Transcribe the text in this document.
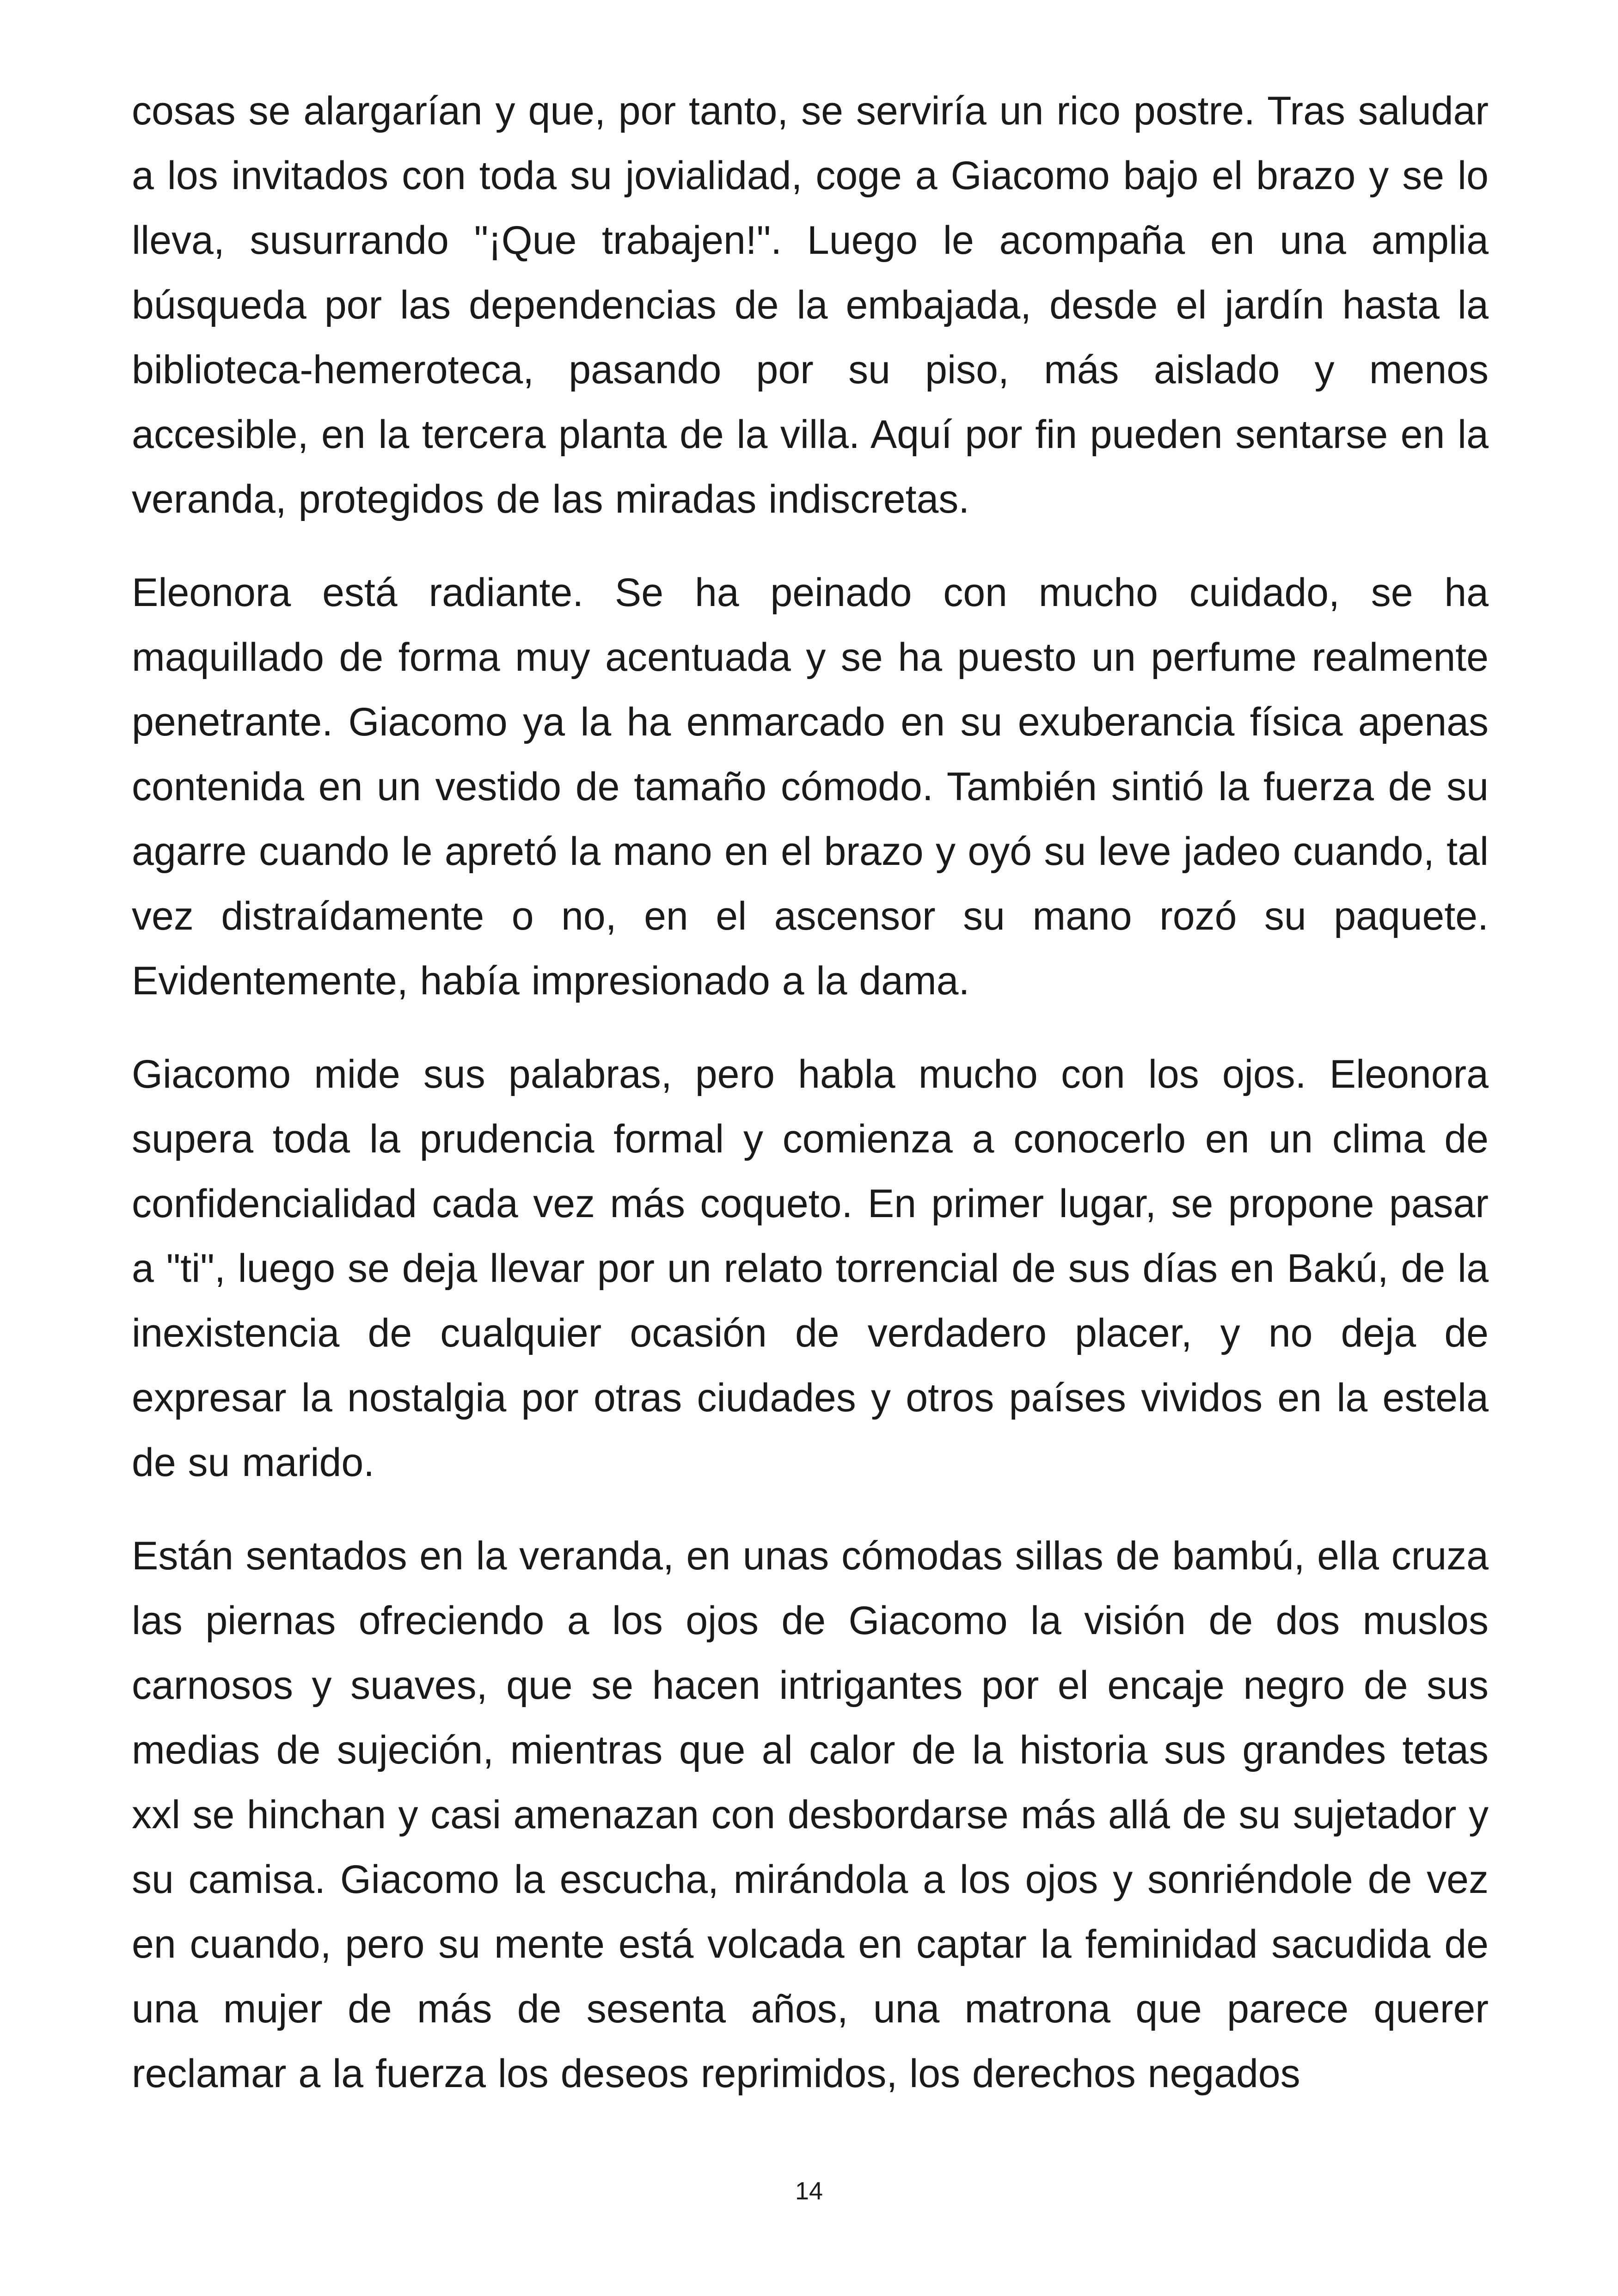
cosas se alargarían y que, por tanto, se serviría un rico postre. Tras saludar a los invitados con toda su jovialidad, coge a Giacomo bajo el brazo y se lo lleva, susurrando "¡Que trabajen!". Luego le acompaña en una amplia búsqueda por las dependencias de la embajada, desde el jardín hasta la biblioteca-hemeroteca, pasando por su piso, más aislado y menos accesible, en la tercera planta de la villa. Aquí por fin pueden sentarse en la veranda, protegidos de las miradas indiscretas.

Eleonora está radiante. Se ha peinado con mucho cuidado, se ha maquillado de forma muy acentuada y se ha puesto un perfume realmente penetrante. Giacomo ya la ha enmarcado en su exuberancia física apenas contenida en un vestido de tamaño cómodo. También sintió la fuerza de su agarre cuando le apretó la mano en el brazo y oyó su leve jadeo cuando, tal vez distraídamente o no, en el ascensor su mano rozó su paquete. Evidentemente, había impresionado a la dama.

Giacomo mide sus palabras, pero habla mucho con los ojos. Eleonora supera toda la prudencia formal y comienza a conocerlo en un clima de confidencialidad cada vez más coqueto. En primer lugar, se propone pasar a "ti", luego se deja llevar por un relato torrencial de sus días en Bakú, de la inexistencia de cualquier ocasión de verdadero placer, y no deja de expresar la nostalgia por otras ciudades y otros países vividos en la estela de su marido.

Están sentados en la veranda, en unas cómodas sillas de bambú, ella cruza las piernas ofreciendo a los ojos de Giacomo la visión de dos muslos carnosos y suaves, que se hacen intrigantes por el encaje negro de sus medias de sujeción, mientras que al calor de la historia sus grandes tetas xxl se hinchan y casi amenazan con desbordarse más allá de su sujetador y su camisa. Giacomo la escucha, mirándola a los ojos y sonriéndole de vez en cuando, pero su mente está volcada en captar la feminidad sacudida de una mujer de más de sesenta años, una matrona que parece querer reclamar a la fuerza los deseos reprimidos, los derechos negados

14
